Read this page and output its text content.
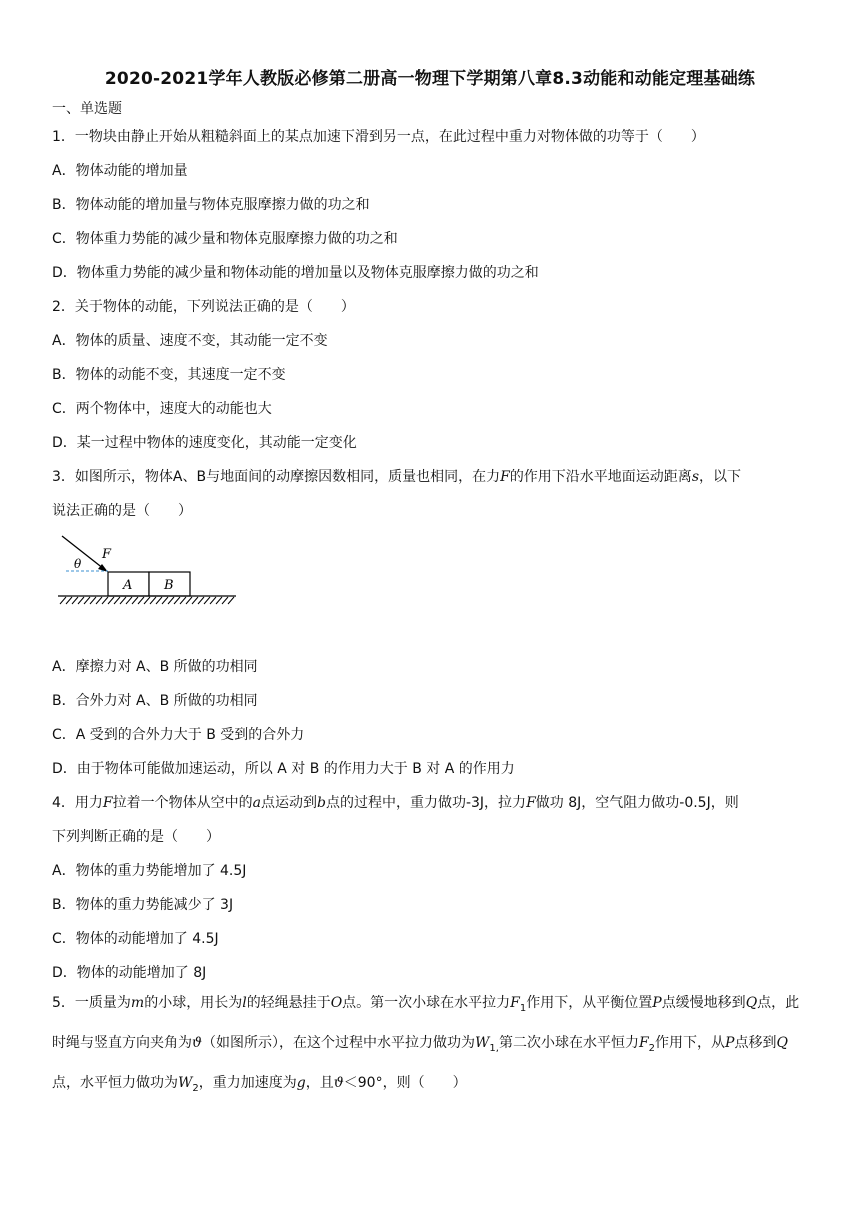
2020-2021学年人教版必修第二册高一物理下学期第八章8.3动能和动能定理基础练
一、单选题
1．一物块由静止开始从粗糙斜面上的某点加速下滑到另一点，在此过程中重力对物体做的功等于（　　）
A．物体动能的增加量
B．物体动能的增加量与物体克服摩擦力做的功之和
C．物体重力势能的减少量和物体克服摩擦力做的功之和
D．物体重力势能的减少量和物体动能的增加量以及物体克服摩擦力做的功之和
2．关于物体的动能，下列说法正确的是（　　）
A．物体的质量、速度不变，其动能一定不变
B．物体的动能不变，其速度一定不变
C．两个物体中，速度大的动能也大
D．某一过程中物体的速度变化，其动能一定变化
3．如图所示，物体A、B与地面间的动摩擦因数相同，质量也相同，在力F的作用下沿水平地面运动距离s，以下
说法正确的是（　　）
F
θ
A B
A．摩擦力对 A、B 所做的功相同
B．合外力对 A、B 所做的功相同
C．A 受到的合外力大于 B 受到的合外力
D．由于物体可能做加速运动，所以 A 对 B 的作用力大于 B 对 A 的作用力
4．用力F拉着一个物体从空中的a点运动到b点的过程中，重力做功-3J，拉力F做功 8J，空气阻力做功-0.5J，则
下列判断正确的是（　　）
A．物体的重力势能增加了 4.5J
B．物体的重力势能减少了 3J
C．物体的动能增加了 4.5J
D．物体的动能增加了 8J
5．一质量为m的小球，用长为l的轻绳悬挂于O点。第一次小球在水平拉力$F_1$作用下，从平衡位置P点缓慢地移到Q点，此时绳与竖直方向夹角为ϑ（如图所示），在这个过程中水平拉力做功为$W_{1,}$第二次小球在水平恒力$F_2$作用下，从P点移到Q点，水平恒力做功为$W_2$，重力加速度为g，且ϑ＜90°，则（　　）
